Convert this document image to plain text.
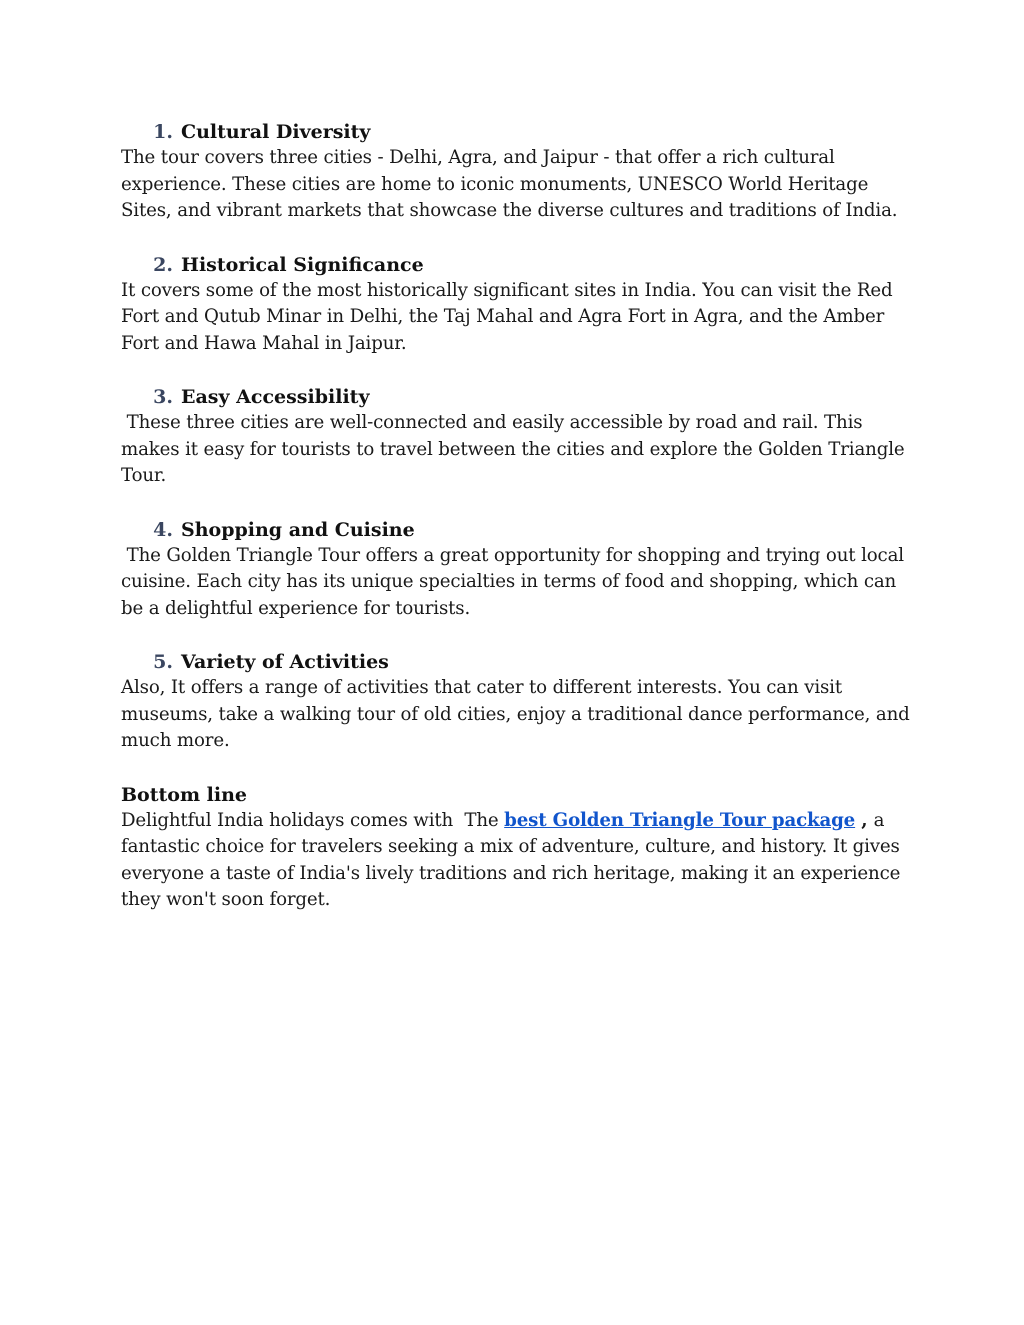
1. Cultural Diversity

The tour covers three cities - Delhi, Agra, and Jaipur - that offer a rich cultural experience. These cities are home to iconic monuments, UNESCO World Heritage Sites, and vibrant markets that showcase the diverse cultures and traditions of India.

2. Historical Significance

It covers some of the most historically significant sites in India. You can visit the Red Fort and Qutub Minar in Delhi, the Taj Mahal and Agra Fort in Agra, and the Amber Fort and Hawa Mahal in Jaipur.

3. Easy Accessibility

These three cities are well-connected and easily accessible by road and rail. This makes it easy for tourists to travel between the cities and explore the Golden Triangle Tour.

4. Shopping and Cuisine

The Golden Triangle Tour offers a great opportunity for shopping and trying out local cuisine. Each city has its unique specialties in terms of food and shopping, which can be a delightful experience for tourists.

5. Variety of Activities

Also, It offers a range of activities that cater to different interests. You can visit museums, take a walking tour of old cities, enjoy a traditional dance performance, and much more.

Bottom line

Delightful India holidays comes with  The best Golden Triangle Tour package , a fantastic choice for travelers seeking a mix of adventure, culture, and history. It gives everyone a taste of India's lively traditions and rich heritage, making it an experience they won't soon forget.
